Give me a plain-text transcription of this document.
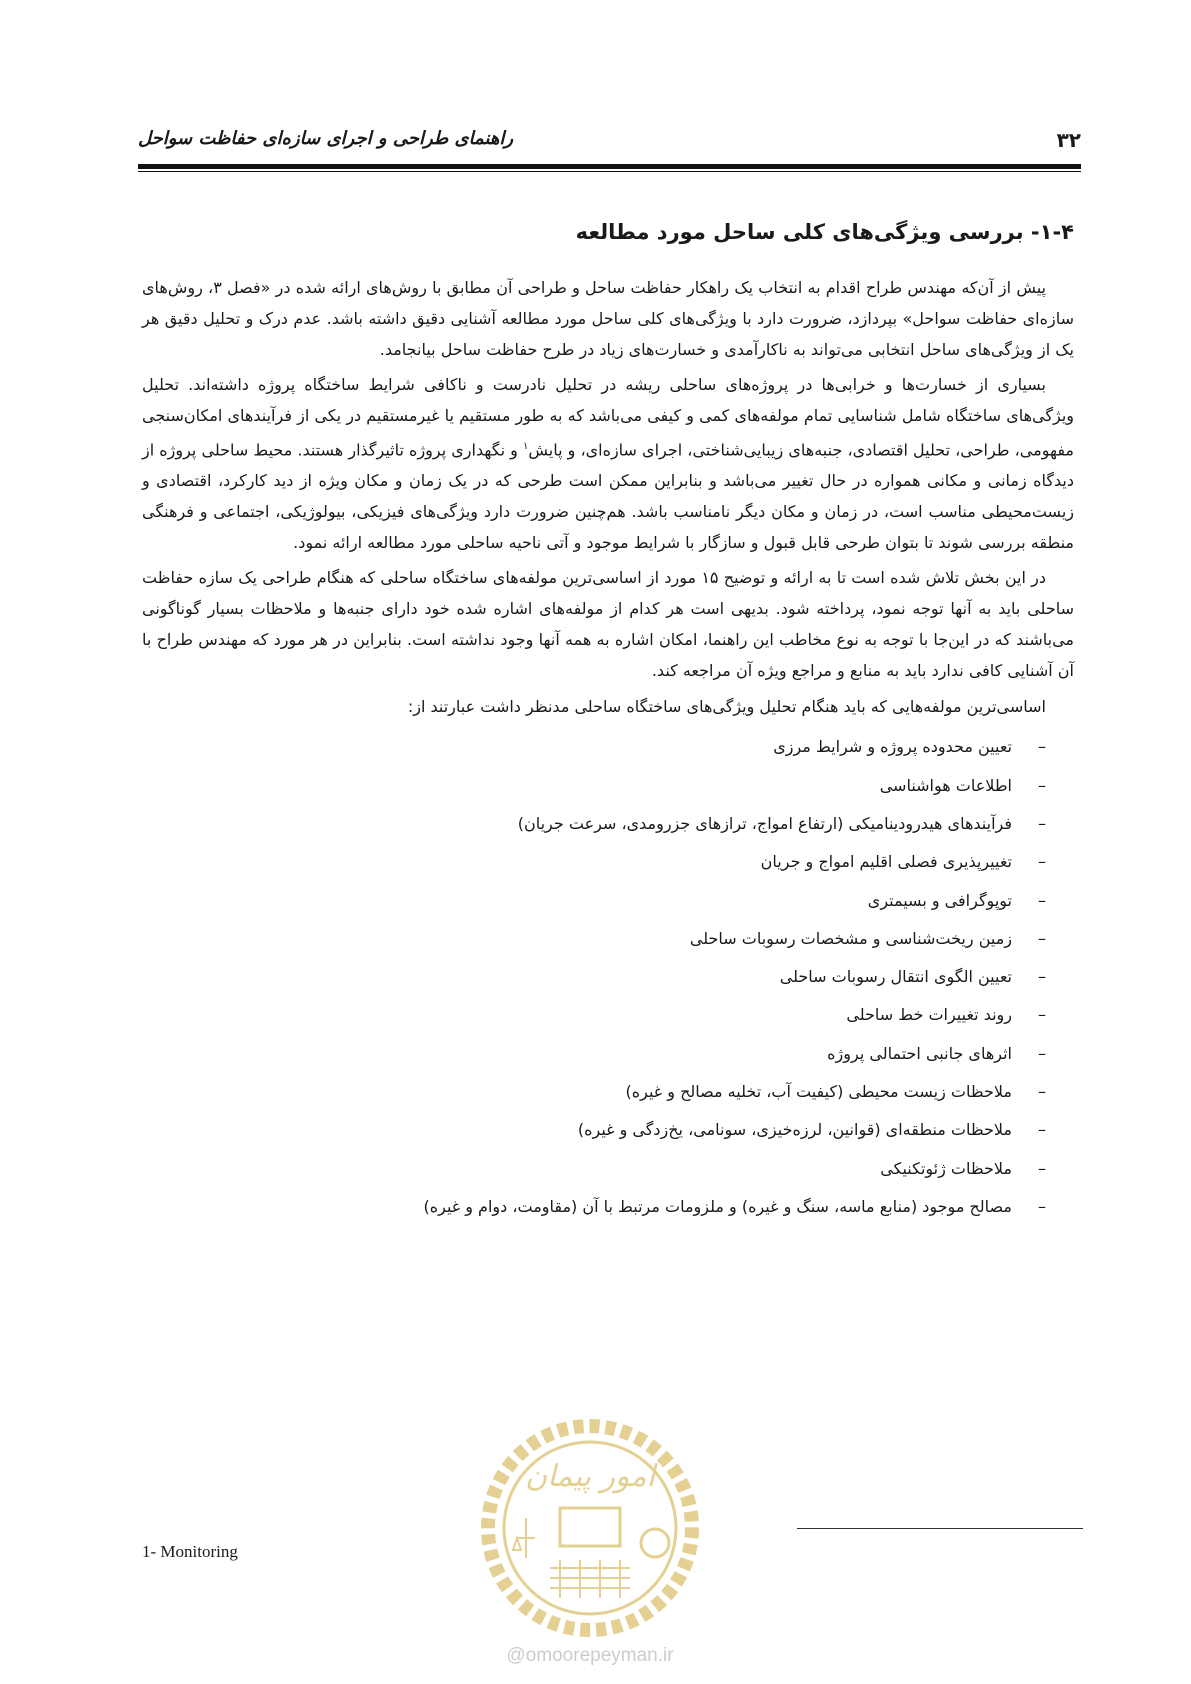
۳۲
راهنمای طراحی و اجرای سازه‌ای حفاظت سواحل
۱-۴- بررسی ویژگی‌های کلی ساحل مورد مطالعه

پیش از آن‌که مهندس طراح اقدام به انتخاب یک راهکار حفاظت ساحل و طراحی آن مطابق با روش‌های ارائه شده در «فصل ۳، روش‌های سازه‌ای حفاظت سواحل» بپردازد، ضرورت دارد با ویژگی‌های کلی ساحل مورد مطالعه آشنایی دقیق داشته باشد. عدم درک و تحلیل دقیق هر یک از ویژگی‌های ساحل انتخابی می‌تواند به ناکارآمدی و خسارت‌های زیاد در طرح حفاظت ساحل بیانجامد.

بسیاری از خسارت‌ها و خرابی‌ها در پروژه‌های ساحلی ریشه در تحلیل نادرست و ناکافی شرایط ساختگاه پروژه داشته‌اند. تحلیل ویژگی‌های ساختگاه شامل شناسایی تمام مولفه‌های کمی و کیفی می‌باشد که به طور مستقیم یا غیرمستقیم در یکی از فرآیندهای امکان‌سنجی مفهومی، طراحی، تحلیل اقتصادی، جنبه‌های زیبایی‌شناختی، اجرای سازه‌ای، و پایش$^۱$ و نگهداری پروژه تاثیرگذار هستند. محیط ساحلی پروژه از دیدگاه زمانی و مکانی همواره در حال تغییر می‌باشد و بنابراین ممکن است طرحی که در یک زمان و مکان ویژه از دید کارکرد، اقتصادی و زیست‌محیطی مناسب است، در زمان و مکان دیگر نامناسب باشد. هم‌چنین ضرورت دارد ویژگی‌های فیزیکی، بیولوژیکی، اجتماعی و فرهنگی منطقه بررسی شوند تا بتوان طرحی قابل قبول و سازگار با شرایط موجود و آتی ناحیه ساحلی مورد مطالعه ارائه نمود.

در این بخش تلاش شده است تا به ارائه و توضیح ۱۵ مورد از اساسی‌ترین مولفه‌های ساختگاه ساحلی که هنگام طراحی یک سازه حفاظت ساحلی باید به آنها توجه نمود، پرداخته شود. بدیهی است هر کدام از مولفه‌های اشاره شده خود دارای جنبه‌ها و ملاحظات بسیار گوناگونی می‌باشند که در این‌جا با توجه به نوع مخاطب این راهنما، امکان اشاره به همه آنها وجود نداشته است. بنابراین در هر مورد که مهندس طراح با آن آشنایی کافی ندارد باید به منابع و مراجع ویژه آن مراجعه کند.

اساسی‌ترین مولفه‌هایی که باید هنگام تحلیل ویژگی‌های ساختگاه ساحلی مدنظر داشت عبارتند از:

–تعیین محدوده پروژه و شرایط مرزی
–اطلاعات هواشناسی
–فرآیندهای هیدرودینامیکی (ارتفاع امواج، ترازهای جزرومدی، سرعت جریان)
–تغییرپذیری فصلی اقلیم امواج و جریان
–توپوگرافی و بسیمتری
–زمین ریخت‌شناسی و مشخصات رسوبات ساحلی
–تعیین الگوی انتقال رسوبات ساحلی
–روند تغییرات خط ساحلی
–اثرهای جانبی احتمالی پروژه
–ملاحظات زیست محیطی (کیفیت آب، تخلیه مصالح و غیره)
–ملاحظات منطقه‌ای (قوانین، لرزه‌خیزی، سونامی، یخ‌زدگی و غیره)
–ملاحظات ژئوتکنیکی
–مصالح موجود (منابع ماسه، سنگ و غیره) و ملزومات مرتبط با آن (مقاومت، دوام و غیره)
امور پیمان
@omoorepeyman.ir
1- Monitoring
